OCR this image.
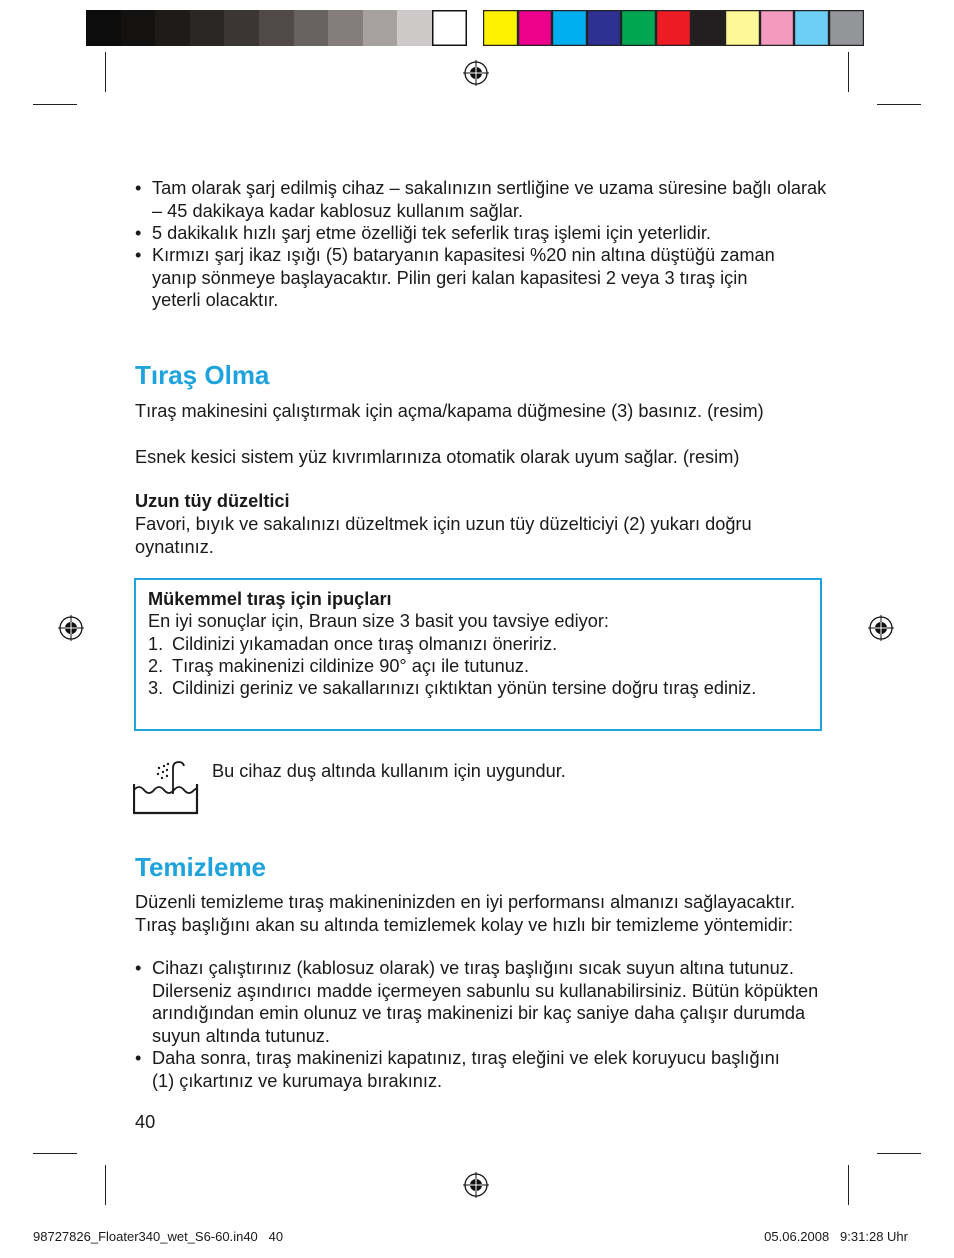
• Tam olarak şarj edilmiş cihaz – sakalınızın sertliğine ve uzama süresine bağlı olarak – 45 dakikaya kadar kablosuz kullanım sağlar.
• 5 dakikalık hızlı şarj etme özelliği tek seferlik tıraş işlemi için yeterlidir.
• Kırmızı şarj ikaz ışığı (5) bataryanın kapasitesi %20 nin altına düştüğü zaman yanıp sönmeye başlayacaktır. Pilin geri kalan kapasitesi 2 veya 3 tıraş için yeterli olacaktır.
Tıraş Olma
Tıraş makinesini çalıştırmak için açma/kapama düğmesine (3) basınız. (resim)
Esnek kesici sistem yüz kıvrımlarınıza otomatik olarak uyum sağlar. (resim)
Uzun tüy düzeltici
Favori, bıyık ve sakalınızı düzeltmek için uzun tüy düzelticiyi (2) yukarı doğru oynatınız.
Mükemmel tıraş için ipuçları
En iyi sonuçlar için, Braun size 3 basit you tavsiye ediyor:
1. Cildinizi yıkamadan once tıraş olmanızı öneririz.
2. Tıraş makinenizi cildinize 90° açı ile tutunuz.
3. Cildinizi geriniz ve sakallarınızı çıktıktan yönün tersine doğru tıraş ediniz.
Bu cihaz duş altında kullanım için uygundur.
Temizleme
Düzenli temizleme tıraş makineninizden en iyi performansı almanızı sağlayacaktır. Tıraş başlığını akan su altında temizlemek kolay ve hızlı bir temizleme yöntemidir:
• Cihazı çalıştırınız (kablosuz olarak) ve tıraş başlığını sıcak suyun altına tutunuz. Dilerseniz aşındırıcı madde içermeyen sabunlu su kullanabilirsiniz. Bütün köpükten arındığından emin olunuz ve tıraş makinenizi bir kaç saniye daha çalışır durumda suyun altında tutunuz.
• Daha sonra, tıraş makinenizi kapatınız, tıraş eleğini ve elek koruyucu başlığını (1) çıkartınız ve kurumaya bırakınız.
40
98727826_Floater340_wet_S6-60.in40   40	05.06.2008   9:31:28 Uhr
